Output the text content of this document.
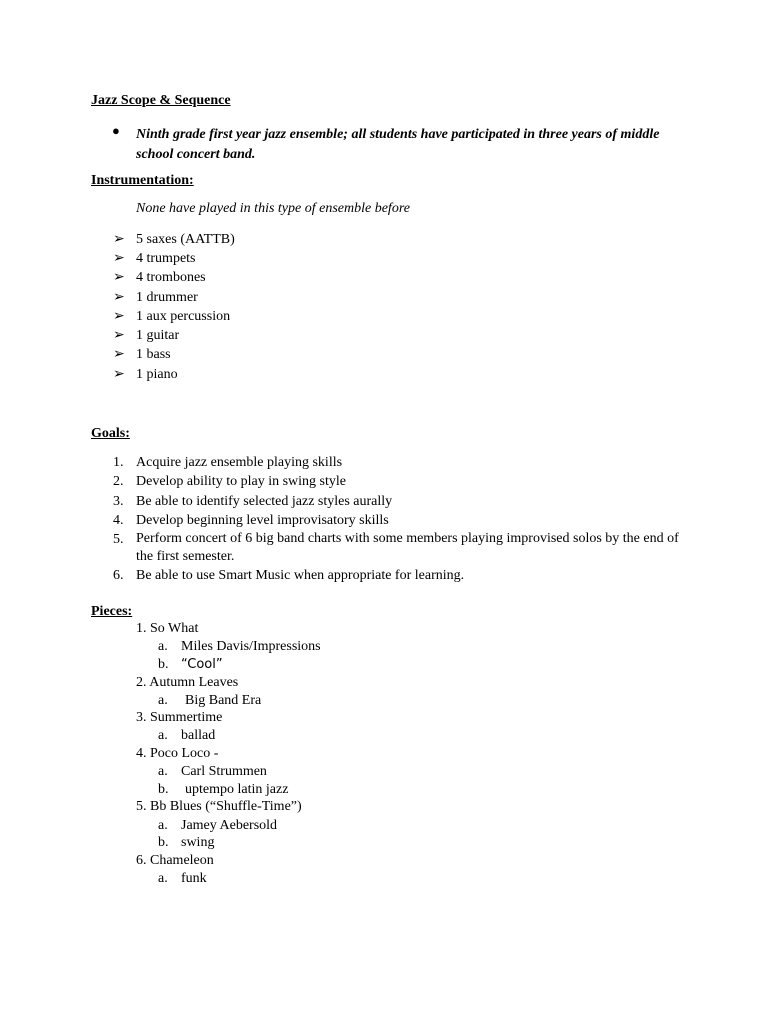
Jazz Scope & Sequence
● Ninth grade first year jazz ensemble; all students have participated in three years of middle school concert band.
Instrumentation:
None have played in this type of ensemble before
➢ 5 saxes (AATTB)
➢ 4 trumpets
➢ 4 trombones
➢ 1 drummer
➢ 1 aux percussion
➢ 1 guitar
➢ 1 bass
➢ 1 piano
Goals:
1. Acquire jazz ensemble playing skills
2. Develop ability to play in swing style
3. Be able to identify selected jazz styles aurally
4. Develop beginning level improvisatory skills
5. Perform concert of 6 big band charts with some members playing improvised solos by the end of the first semester.
6. Be able to use Smart Music when appropriate for learning.
Pieces:
1. So What
a. Miles Davis/Impressions
b. “Cool”
2. Autumn Leaves
a. Big Band Era
3. Summertime
a. ballad
4. Poco Loco -
a. Carl Strummen
b. uptempo latin jazz
5. Bb Blues (“Shuffle-Time”)
a. Jamey Aebersold
b. swing
6. Chameleon
a. funk
